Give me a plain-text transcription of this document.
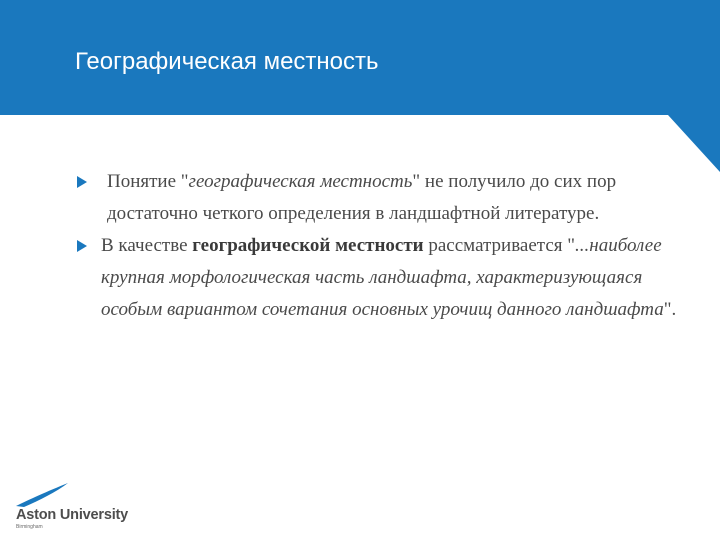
Географическая местность
Понятие "географическая местность" не получило до сих пор достаточно четкого определения в ландшафтной литературе.
В качестве географической местности рассматривается "...наиболее крупная морфологическая часть ландшафта, характеризующаяся особым вариантом сочетания основных урочищ данного ландшафта".
Aston University
Birmingham
